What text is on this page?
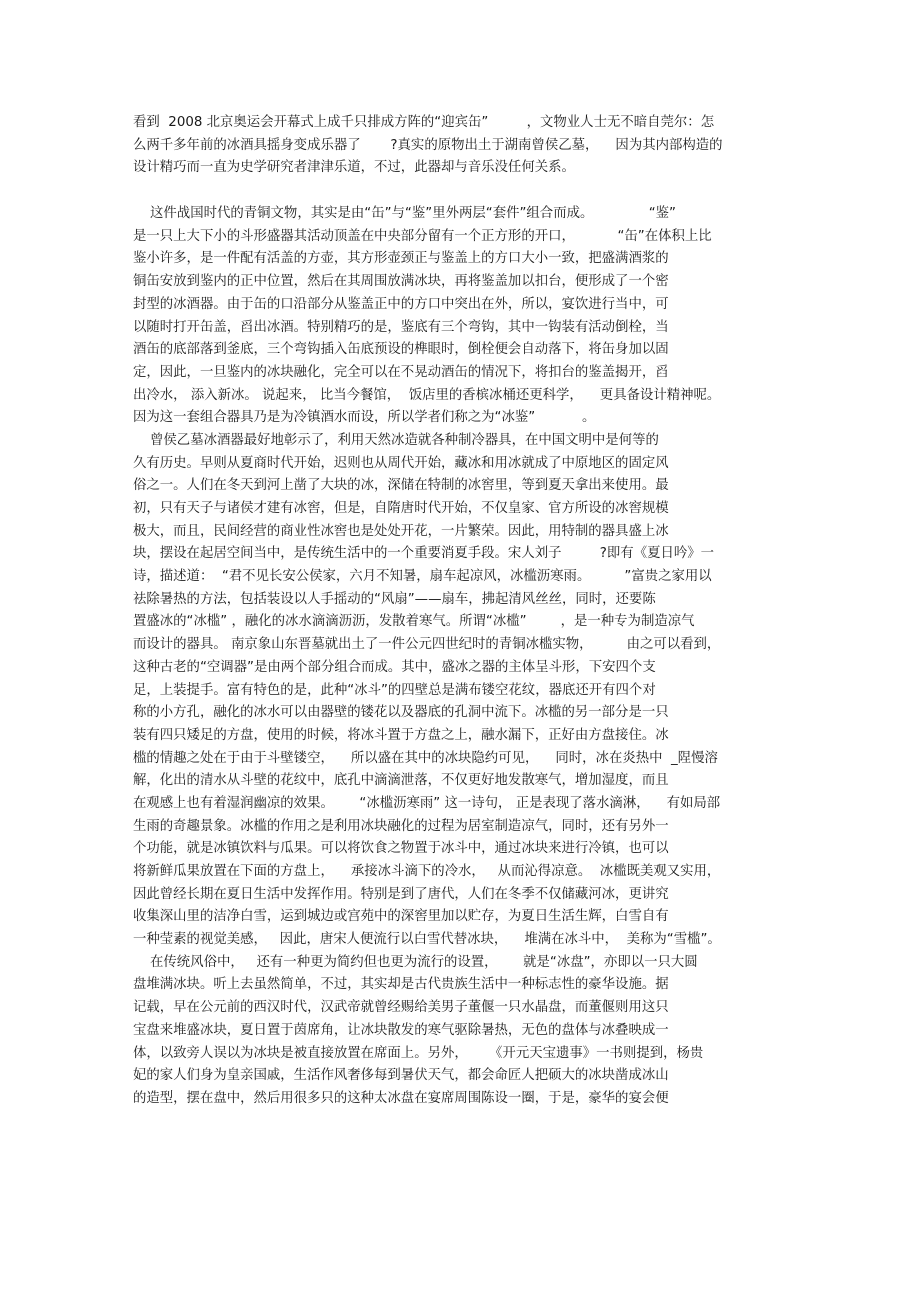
看到  2008 北京奥运会开幕式上成千只排成方阵的“迎宾缶”         ，文物业人士无不暗自莞尔：怎
么两千多年前的冰酒具摇身变成乐器了       ?真实的原物出土于湖南曾侯乙墓，    因为其内部构造的
设计精巧而一直为史学研究者津津乐道，不过，此器却与音乐没任何关系。
这件战国时代的青铜文物，其实是由“缶”与“鉴”里外两层“套件”组合而成。             “鉴”
是一只上大下小的斗形盛器其活动顶盖在中央部分留有一个正方形的开口，          “缶”在体积上比
鉴小许多，是一件配有活盖的方壶，其方形壶颈正与鉴盖上的方口大小一致，把盛满酒浆的
铜缶安放到鉴内的正中位置，然后在其周围放满冰块，再将鉴盖加以扣台，便形成了一个密
封型的冰酒器。由于缶的口沿部分从鉴盖正中的方口中突出在外，所以，宴饮进行当中，可
以随时打开缶盖，舀出冰酒。特别精巧的是，鉴底有三个弯钩，其中一钩装有活动倒栓，当
酒缶的底部落到釜底，三个弯钩插入缶底预设的榫眼时，倒栓便会自动落下，将缶身加以固
定，因此，一旦鉴内的冰块融化，完全可以在不晃动酒缶的情况下，将扣台的鉴盖揭开，舀
出冷水， 添入新冰。 说起来， 比当今餐馆，  饭店里的香槟冰桶还更科学，    更具备设计精神呢。
因为这一套组合器具乃是为冷镇酒水而设，所以学者们称之为“冰鉴”           。
曾侯乙墓冰酒器最好地彰示了，利用天然冰造就各种制冷器具，在中国文明中是何等的
久有历史。早则从夏商时代开始，迟则也从周代开始，藏冰和用冰就成了中原地区的固定风
俗之一。人们在冬天到河上凿了大块的冰，深储在特制的冰窖里，等到夏天拿出来使用。最
初，只有天子与诸侯才建有冰窖，但是，自隋唐时代开始，不仅皇家、官方所设的冰窖规模
极大，而且，民间经营的商业性冰窖也是处处开花，一片繁荣。因此，用特制的器具盛上冰
块，摆设在起居空间当中，是传统生活中的一个重要消夏手段。宋人刘子         ?即有《夏日吟》一
诗，描述道：  “君不见长安公侯家，六月不知暑，扇车起凉风，冰槛沥寒雨。        ”富贵之家用以
祛除暑热的方法，包括装设以人手摇动的“风扇”——扇车，拂起清风丝丝，同时，还要陈
置盛冰的“冰槛” ，融化的冰水滴滴沥沥，发散着寒气。所谓“冰槛”        ，是一种专为制造凉气
而设计的器具。 南京象山东晋墓就出土了一件公元四世纪时的青铜冰槛实物，        由之可以看到，
这种古老的“空调器”是由两个部分组合而成。其中，盛冰之器的主体呈斗形，下安四个支
足，上装提手。富有特色的是，此种“冰斗”的四壁总是满布镂空花纹，器底还开有四个对
称的小方孔，融化的冰水可以由器壁的镂花以及器底的孔洞中流下。冰槛的另一部分是一只
装有四只矮足的方盘，使用的时候，将冰斗置于方盘之上，融水漏下，正好由方盘接住。冰
槛的情趣之处在于由于斗壁镂空，    所以盛在其中的冰块隐约可见，    同时，冰在炎热中  _陧慢溶
解，化出的清水从斗壁的花纹中，底孔中滴滴泄落，不仅更好地发散寒气，增加湿度，而且
在观感上也有着湿润幽凉的效果。      “冰槛沥寒雨” 这一诗句， 正是表现了落水滴淋，    有如局部
生雨的奇趣景象。冰槛的作用之是利用冰块融化的过程为居室制造凉气，同时，还有另外一
个功能，就是冰镇饮料与瓜果。可以将饮食之物置于冰斗中，通过冰块来进行冷镇，也可以
将新鲜瓜果放置在下面的方盘上，    承接冰斗滴下的冷水，   从而沁得凉意。  冰槛既美观又实用，
因此曾经长期在夏日生活中发挥作用。特别是到了唐代，人们在冬季不仅储藏河冰，更讲究
收集深山里的洁净白雪，运到城边或宫苑中的深窖里加以贮存，为夏日生活生辉，白雪自有
一种莹素的视觉美感，   因此，唐宋人便流行以白雪代替冰块，    堆满在冰斗中，  美称为“雪槛”。
在传统风俗中，   还有一种更为简约但也更为流行的设置，      就是“冰盘”，亦即以一只大圆
盘堆满冰块。听上去虽然简单，不过，其实却是古代贵族生活中一种标志性的豪华设施。据
记载，早在公元前的西汉时代，汉武帝就曾经赐给美男子董偃一只水晶盘，而董偃则用这只
宝盘来堆盛冰块，夏日置于茵席角，让冰块散发的寒气驱除暑热，无色的盘体与冰叠映成一
体，以致旁人误以为冰块是被直接放置在席面上。另外，     《开元天宝遗事》一书则提到，杨贵
妃的家人们身为皇亲国戚，生活作风奢侈每到暑伏天气，都会命匠人把硕大的冰块凿成冰山
的造型，摆在盘中，然后用很多只的这种太冰盘在宴席周围陈设一圈，于是，豪华的宴会便
